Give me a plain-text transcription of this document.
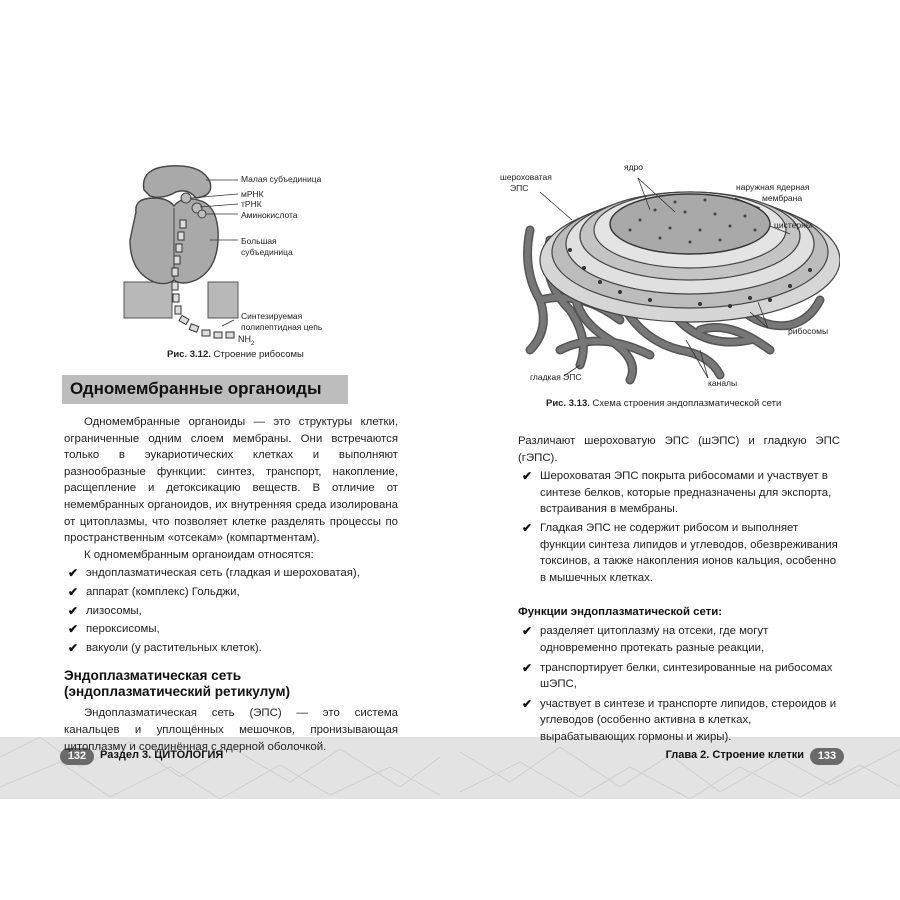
132	Раздел 3. ЦИТОЛОГИЯ	Глава 2. Строение клетки	133
Малая субъединица
мРНК
тРНК
Аминокислота
Большая
субъединица
Синтезируемая
полипептидная цепь
$NH_2$
Рис. 3.12. Строение рибосомы
Одномембранные органоиды

Одномембранные органоиды — это структуры клетки, ограниченные одним слоем мембраны. Они встречаются только в эукариотических клетках и выполняют разнообразные функции: синтез, транспорт, накопление, расщепление и детоксикацию веществ. В отличие от немембранных органоидов, их внутренняя среда изолирована от цитоплазмы, что позволяет клетке разделять процессы по пространственным «отсекам» (компартментам).

К одномембранным органоидам относятся:

✔ эндоплазматическая сеть (гладкая и шероховатая),
✔ аппарат (комплекс) Гольджи,
✔ лизосомы,
✔ пероксисомы,
✔ вакуоли (у растительных клеток).
Эндоплазматическая сеть
(эндоплазматический ретикулум)

Эндоплазматическая сеть (ЭПС) — это система канальцев и уплощённых мешочков, пронизывающая цитоплазму и соединённая с ядерной оболочкой.

шероховатая
ЭПС
ядро
наружная ядерная
мембрана
цистерны
рибосомы
гладкая ЭПС
каналы
Рис. 3.13. Схема строения эндоплазматической сети

Различают шероховатую ЭПС (шЭПС) и гладкую ЭПС (гЭПС).

✔ Шероховатая ЭПС покрыта рибосомами и участвует в синтезе белков, которые предназначены для экспорта, встраивания в мембраны.
✔ Гладкая ЭПС не содержит рибосом и выполняет функции синтеза липидов и углеводов, обезвреживания токсинов, а также накопления ионов кальция, особенно в мышечных клетках.
Функции эндоплазматической сети:
✔ разделяет цитоплазму на отсеки, где могут одновременно протекать разные реакции,
✔ транспортирует белки, синтезированные на рибосомах шЭПС,
✔ участвует в синтезе и транспорте липидов, стероидов и углеводов (особенно активна в клетках, вырабатывающих гормоны и жиры).
